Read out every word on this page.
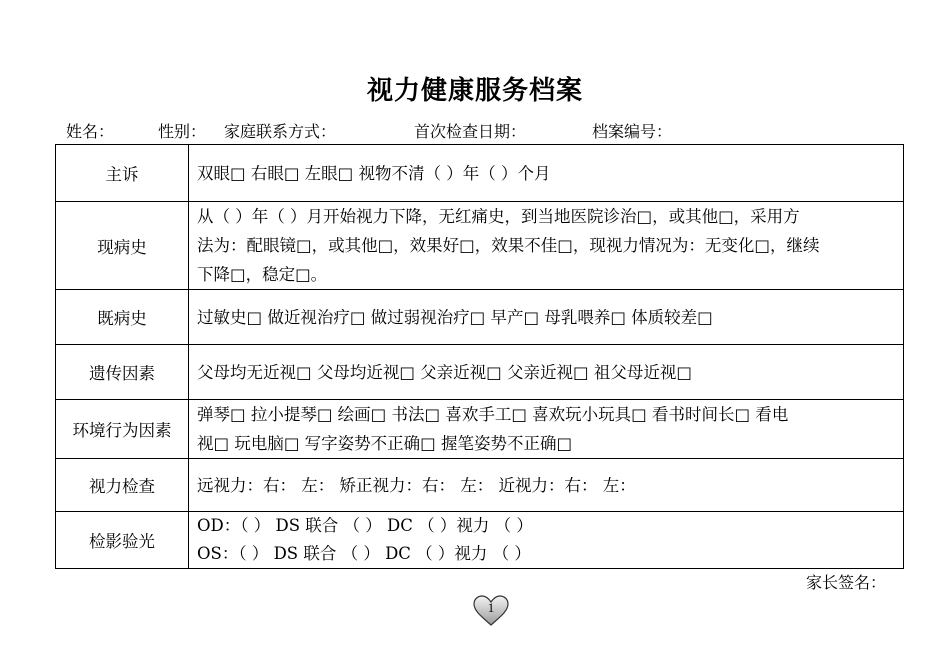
视力健康服务档案
姓名：	性别： 家庭联系方式：	首次检查日期：	档案编号：
主诉	双眼□ 右眼□ 左眼□ 视物不清（ ）年（ ）个月

现病史	从（ ）年（ ）月开始视力下降，无红痛史，到当地医院诊治□，或其他□，采用方
法为：配眼镜□，或其他□，效果好□，效果不佳□，现视力情况为：无变化□，继续
下降□，稳定□。

既病史	过敏史□ 做近视治疗□ 做过弱视治疗□ 早产□ 母乳喂养□ 体质较差□

遗传因素	父母均无近视□ 父母均近视□ 父亲近视□ 父亲近视□ 祖父母近视□

环境行为因素	弹琴□ 拉小提琴□ 绘画□ 书法□ 喜欢手工□ 喜欢玩小玩具□ 看书时间长□ 看电
视□ 玩电脑□ 写字姿势不正确□ 握笔姿势不正确□

视力检查	远视力：右： 左： 矫正视力：右： 左： 近视力：右： 左：

检影验光	OD：（ ） DS 联合 （ ） DC （ ）视力 （ ）
OS：（ ） DS 联合 （ ） DC （ ）视力 （ ）
家长签名：
1
